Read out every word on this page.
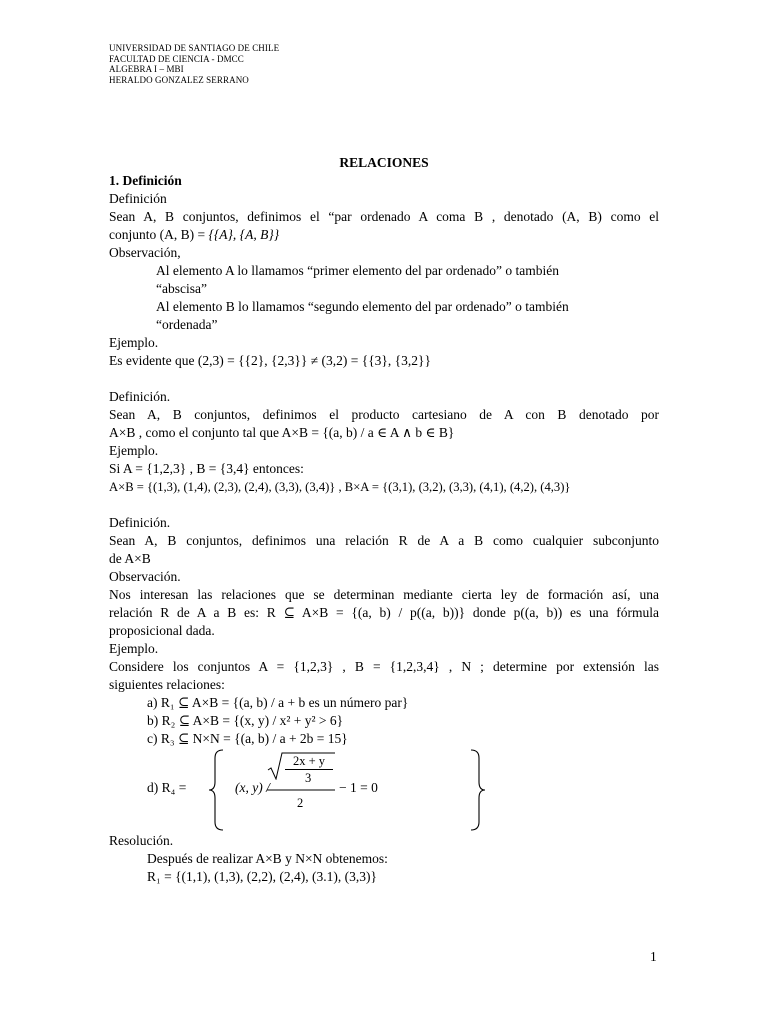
UNIVERSIDAD DE SANTIAGO DE CHILE
FACULTAD DE CIENCIA - DMCC
ALGEBRA I – MBI
HERALDO GONZALEZ SERRANO
RELACIONES
1. Definición
Definición
Sean A, B conjuntos, definimos el “par ordenado A coma B , denotado (A, B) como el
conjunto (A, B) = {{A}, {A, B}}
Observación,
Al elemento A lo llamamos “primer elemento del par ordenado” o también
“abscisa”
Al elemento B lo llamamos “segundo elemento del par ordenado” o también
“ordenada”
Ejemplo.
Es evidente que (2,3) = {{2}, {2,3}} ≠ (3,2) = {{3}, {3,2}}
Definición.
Sean A, B conjuntos, definimos el producto cartesiano de A con B denotado por
A×B , como el conjunto tal que A×B = {(a, b) / a ∈ A ∧ b ∈ B}
Ejemplo.
Si A = {1,2,3} , B = {3,4} entonces:
A×B = {(1,3), (1,4), (2,3), (2,4), (3,3), (3,4)} , B×A = {(3,1), (3,2), (3,3), (4,1), (4,2), (4,3)}
Definición.
Sean A, B conjuntos, definimos una relación R de A a B como cualquier subconjunto
de A×B
Observación.
Nos interesan las relaciones que se determinan mediante cierta ley de formación así, una
relación R de A a B es: R ⊆ A×B = {(a, b) / p((a, b))} donde p((a, b)) es una fórmula
proposicional dada.
Ejemplo.
Considere los conjuntos A = {1,2,3} , B = {1,2,3,4} , N ; determine por extensión las
siguientes relaciones:
a) R₁ ⊆ A×B = {(a, b) / a + b es un número par}
b) R₂ ⊆ A×B = {(x, y) / x² + y² > 6}
c) R₃ ⊆ N×N = {(a, b) / a + 2b = 15}
d) R₄ =	(x, y) /
2x + y
3
2
− 1 = 0
Resolución.
Después de realizar A×B y N×N obtenemos:
R₁ = {(1,1), (1,3), (2,2), (2,4), (3.1), (3,3)}
1
